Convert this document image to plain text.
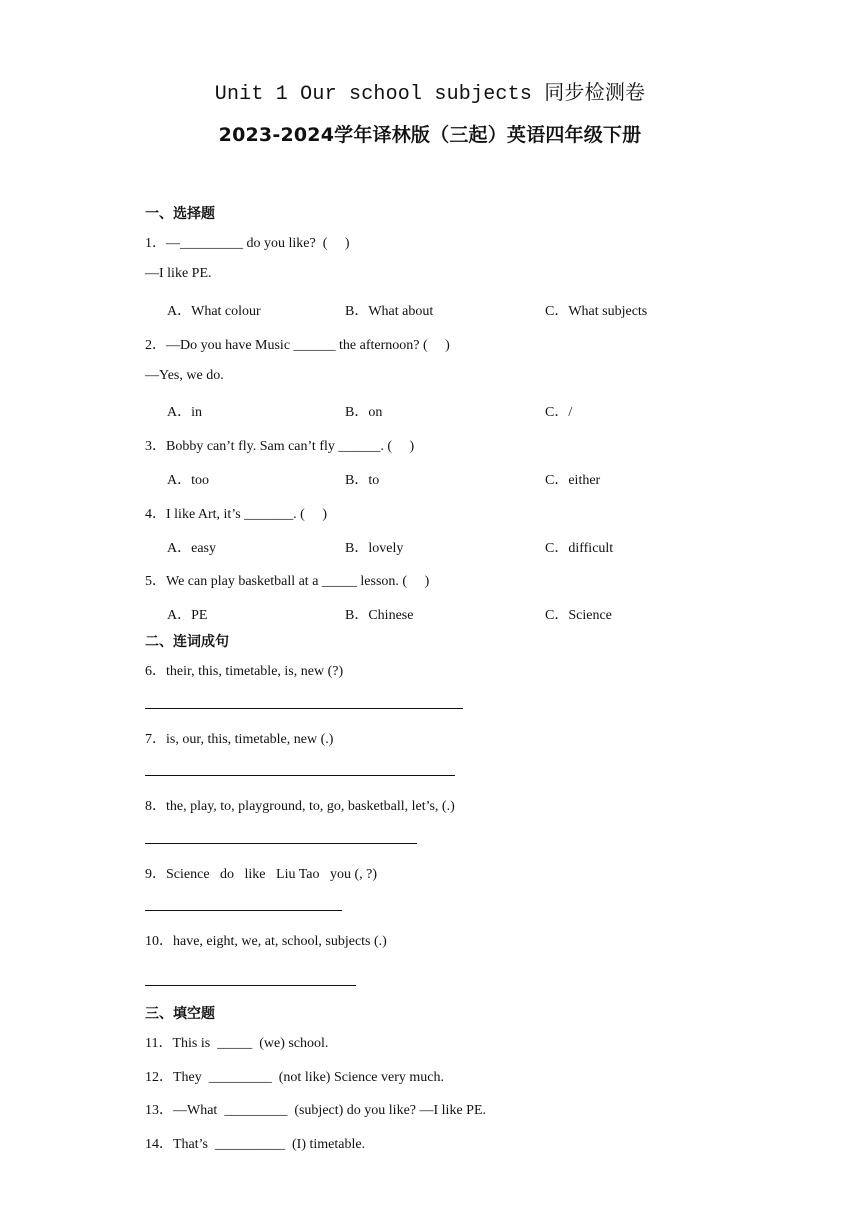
Unit 1 Our school subjects 同步检测卷
2023-2024学年译林版（三起）英语四年级下册
一、选择题
1．—_________ do you like?  (     )
—I like PE.
A．What colour	B．What about	C．What subjects
2．—Do you have Music ______ the afternoon? (     )
—Yes, we do.
A．in	B．on	C．/
3．Bobby can’t fly. Sam can’t fly ______. (     )
A．too	B．to	C．either
4．I like Art, it’s _______. (     )
A．easy	B．lovely	C．difficult
5．We can play basketball at a _____ lesson. (     )
A．PE	B．Chinese	C．Science
二、连词成句
6．their, this, timetable, is, new (?)
7．is, our, this, timetable, new (.)
8．the, play, to, playground, to, go, basketball, let’s, (.)
9．Science   do   like   Liu Tao   you (, ?)
10．have, eight, we, at, school, subjects (.)
三、填空题
11．This is  _____  (we) school.
12．They  _________  (not like) Science very much.
13．—What  _________  (subject) do you like? —I like PE.
14．That’s  __________  (I) timetable.
